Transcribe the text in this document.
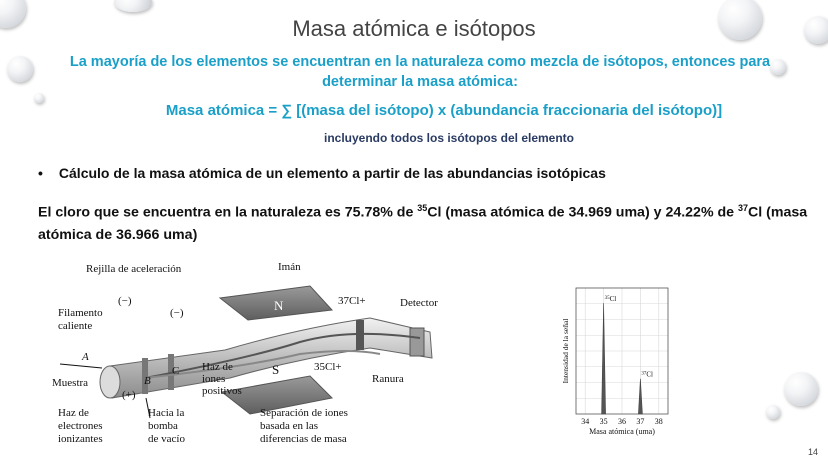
Masa atómica e isótopos
La mayoría de los elementos se encuentran en la naturaleza como mezcla de isótopos, entonces para determinar la masa atómica:
Masa atómica = ∑ [(masa del isótopo) x (abundancia fraccionaria del isótopo)]
incluyendo todos los isótopos del elemento
• Cálculo de la masa atómica de un elemento a partir de las abundancias isotópicas
El cloro que se encuentra en la naturaleza es 75.78% de $^{35}$Cl (masa atómica de 34.969 uma) y 24.22% de $^{37}$Cl (masa atómica de 36.966 uma)
Rejilla de aceleración	Imán
Filamento
caliente
(−)
(−)	N	37Cl+	Detector
A
Muestra	B
C
(+)
Haz de
iones
positivos
S	35Cl+
Ranura
Haz de
electrones
ionizantes
Hacia la
bomba
de vacío
Separación de iones
basada en las
diferencias de masa
34 35 36 37 38
Masa atómica (uma)
Intensidad de la señal
$^{35}$Cl
$^{37}$Cl
14
